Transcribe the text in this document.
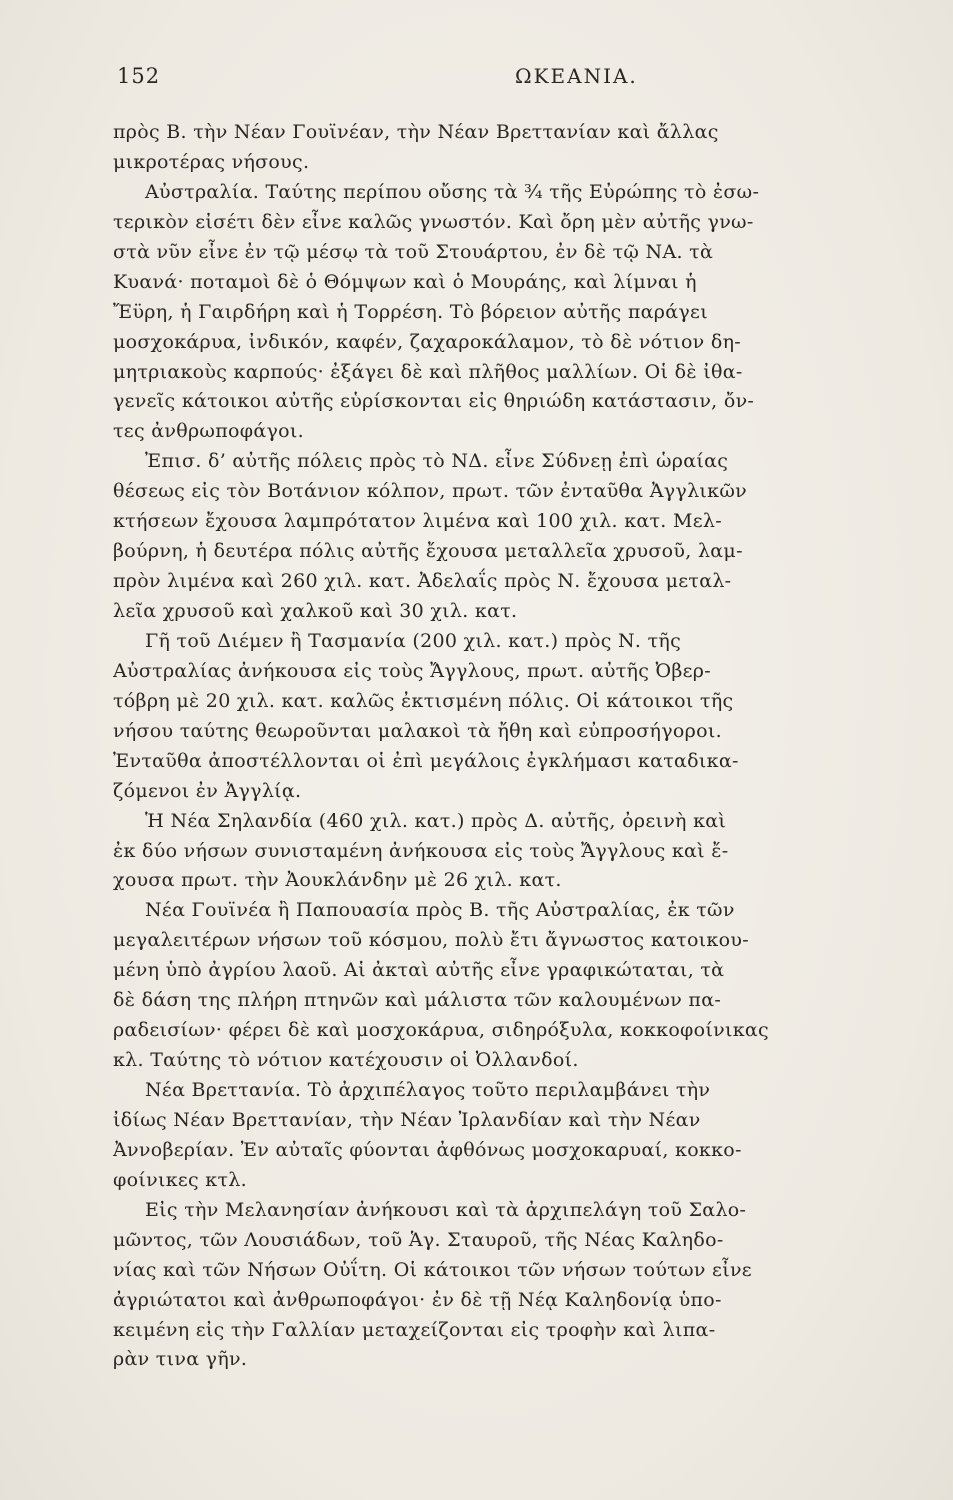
152	ΩΚΕΑΝΙΑ.
πρὸς Β. τὴν Νέαν Γουϊνέαν, τὴν Νέαν Βρεττανίαν καὶ ἄλλας
μικροτέρας νήσους.
Αὐστραλία. Ταύτης περίπου οὔσης τὰ ¾ τῆς Εὐρώπης τὸ ἐσω-
τερικὸν εἰσέτι δὲν εἶνε καλῶς γνωστόν. Καὶ ὄρη μὲν αὐτῆς γνω-
στὰ νῦν εἶνε ἐν τῷ μέσῳ τὰ τοῦ Στουάρτου, ἐν δὲ τῷ ΝΑ. τὰ
Κυανά· ποταμοὶ δὲ ὁ Θόμψων καὶ ὁ Μουράης, καὶ λίμναι ἡ
Ἔϋρη, ἡ Γαιρδήρη καὶ ἡ Τορρέση. Τὸ βόρειον αὐτῆς παράγει
μοσχοκάρυα, ἰνδικόν, καφέν, ζαχαροκάλαμον, τὸ δὲ νότιον δη-
μητριακοὺς καρπούς· ἐξάγει δὲ καὶ πλῆθος μαλλίων. Οἱ δὲ ἰθα-
γενεῖς κάτοικοι αὐτῆς εὑρίσκονται εἰς θηριώδη κατάστασιν, ὄν-
τες ἀνθρωποφάγοι.
Ἐπισ. δ’ αὐτῆς πόλεις πρὸς τὸ ΝΔ. εἶνε Σύδνεῃ ἐπὶ ὡραίας
θέσεως εἰς τὸν Βοτάνιον κόλπον, πρωτ. τῶν ἐνταῦθα Ἀγγλικῶν
κτήσεων ἔχουσα λαμπρότατον λιμένα καὶ 100 χιλ. κατ. Μελ-
βούρνη, ἡ δευτέρα πόλις αὐτῆς ἔχουσα μεταλλεῖα χρυσοῦ, λαμ-
πρὸν λιμένα καὶ 260 χιλ. κατ. Ἀδελαΐς πρὸς Ν. ἔχουσα μεταλ-
λεῖα χρυσοῦ καὶ χαλκοῦ καὶ 30 χιλ. κατ.
Γῆ τοῦ Διέμεν ἢ Τασμανία (200 χιλ. κατ.) πρὸς Ν. τῆς
Αὐστραλίας ἀνήκουσα εἰς τοὺς Ἄγγλους, πρωτ. αὐτῆς Ὀβερ-
τόβρη μὲ 20 χιλ. κατ. καλῶς ἐκτισμένη πόλις. Οἱ κάτοικοι τῆς
νήσου ταύτης θεωροῦνται μαλακοὶ τὰ ἤθη καὶ εὐπροσήγοροι.
Ἐνταῦθα ἀποστέλλονται οἱ ἐπὶ μεγάλοις ἐγκλήμασι καταδικα-
ζόμενοι ἐν Ἀγγλίᾳ.
Ἡ Νέα Σηλανδία (460 χιλ. κατ.) πρὸς Δ. αὐτῆς, ὀρεινὴ καὶ
ἐκ δύο νήσων συνισταμένη ἀνήκουσα εἰς τοὺς Ἄγγλους καὶ ἔ-
χουσα πρωτ. τὴν Ἀουκλάνδην μὲ 26 χιλ. κατ.
Νέα Γουϊνέα ἢ Παπουασία πρὸς Β. τῆς Αὐστραλίας, ἐκ τῶν
μεγαλειτέρων νήσων τοῦ κόσμου, πολὺ ἔτι ἄγνωστος κατοικου-
μένη ὑπὸ ἀγρίου λαοῦ. Αἱ ἀκταὶ αὐτῆς εἶνε γραφικώταται, τὰ
δὲ δάση της πλήρη πτηνῶν καὶ μάλιστα τῶν καλουμένων πα-
ραδεισίων· φέρει δὲ καὶ μοσχοκάρυα, σιδηρόξυλα, κοκκοφοίνικας
κλ. Ταύτης τὸ νότιον κατέχουσιν οἱ Ὀλλανδοί.
Νέα Βρεττανία. Τὸ ἀρχιπέλαγος τοῦτο περιλαμβάνει τὴν
ἰδίως Νέαν Βρεττανίαν, τὴν Νέαν Ἰρλανδίαν καὶ τὴν Νέαν
Ἀννοβερίαν. Ἐν αὐταῖς φύονται ἀφθόνως μοσχοκαρυαί, κοκκο-
φοίνικες κτλ.
Εἰς τὴν Μελανησίαν ἀνήκουσι καὶ τὰ ἀρχιπελάγη τοῦ Σαλο-
μῶντος, τῶν Λουσιάδων, τοῦ Ἁγ. Σταυροῦ, τῆς Νέας Καληδο-
νίας καὶ τῶν Νήσων Οὐΐτη. Οἱ κάτοικοι τῶν νήσων τούτων εἶνε
ἀγριώτατοι καὶ ἀνθρωποφάγοι· ἐν δὲ τῇ Νέᾳ Καληδονίᾳ ὑπο-
κειμένη εἰς τὴν Γαλλίαν μεταχείζονται εἰς τροφὴν καὶ λιπα-
ρὰν τινα γῆν.
